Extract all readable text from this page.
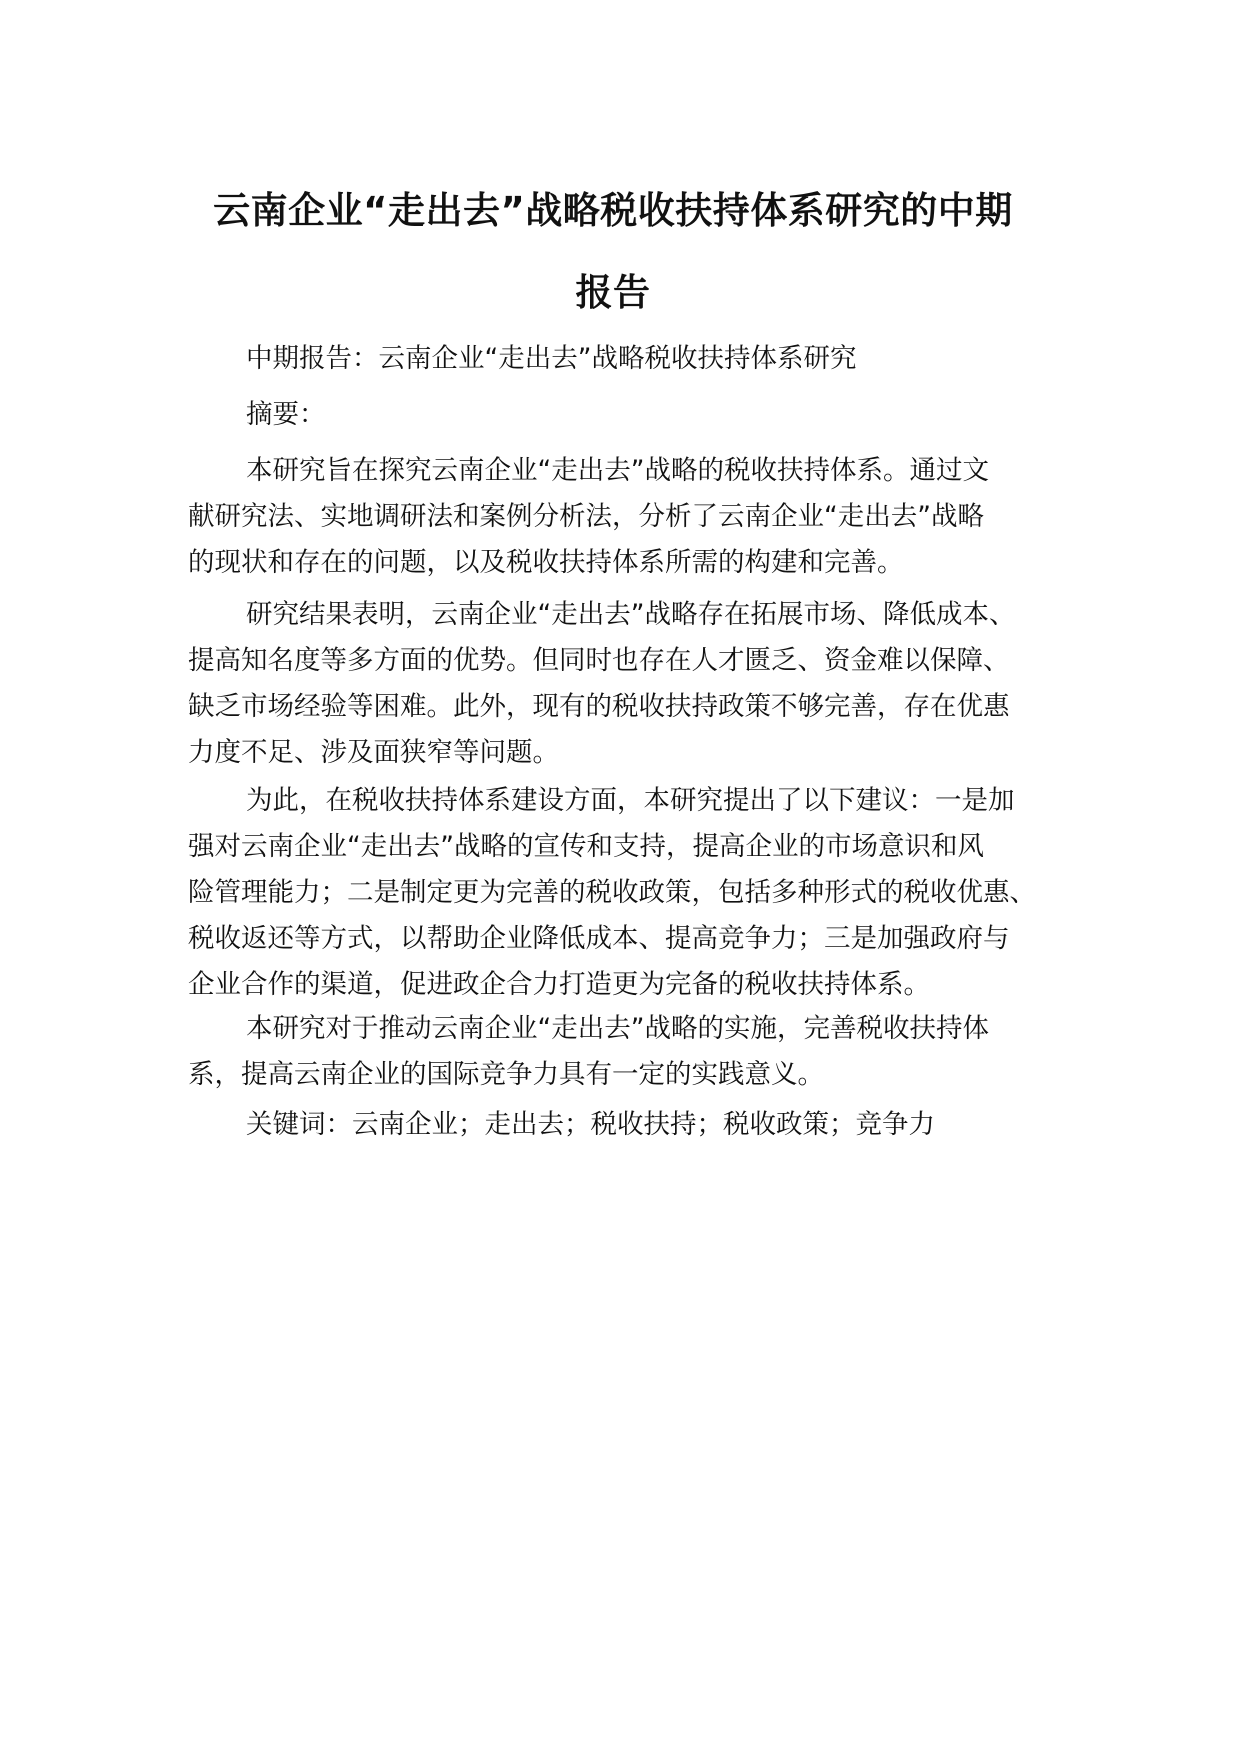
云南企业“走出去”战略税收扶持体系研究的中期
报告
中期报告：云南企业“走出去”战略税收扶持体系研究
摘要：
本研究旨在探究云南企业“走出去”战略的税收扶持体系。通过文
献研究法、实地调研法和案例分析法，分析了云南企业“走出去”战略
的现状和存在的问题，以及税收扶持体系所需的构建和完善。
研究结果表明，云南企业“走出去”战略存在拓展市场、降低成本、
提高知名度等多方面的优势。但同时也存在人才匮乏、资金难以保障、
缺乏市场经验等困难。此外，现有的税收扶持政策不够完善，存在优惠
力度不足、涉及面狭窄等问题。
为此，在税收扶持体系建设方面，本研究提出了以下建议：一是加
强对云南企业“走出去”战略的宣传和支持，提高企业的市场意识和风
险管理能力；二是制定更为完善的税收政策，包括多种形式的税收优惠、
税收返还等方式，以帮助企业降低成本、提高竞争力；三是加强政府与
企业合作的渠道，促进政企合力打造更为完备的税收扶持体系。
本研究对于推动云南企业“走出去”战略的实施，完善税收扶持体
系，提高云南企业的国际竞争力具有一定的实践意义。
关键词：云南企业；走出去；税收扶持；税收政策；竞争力
